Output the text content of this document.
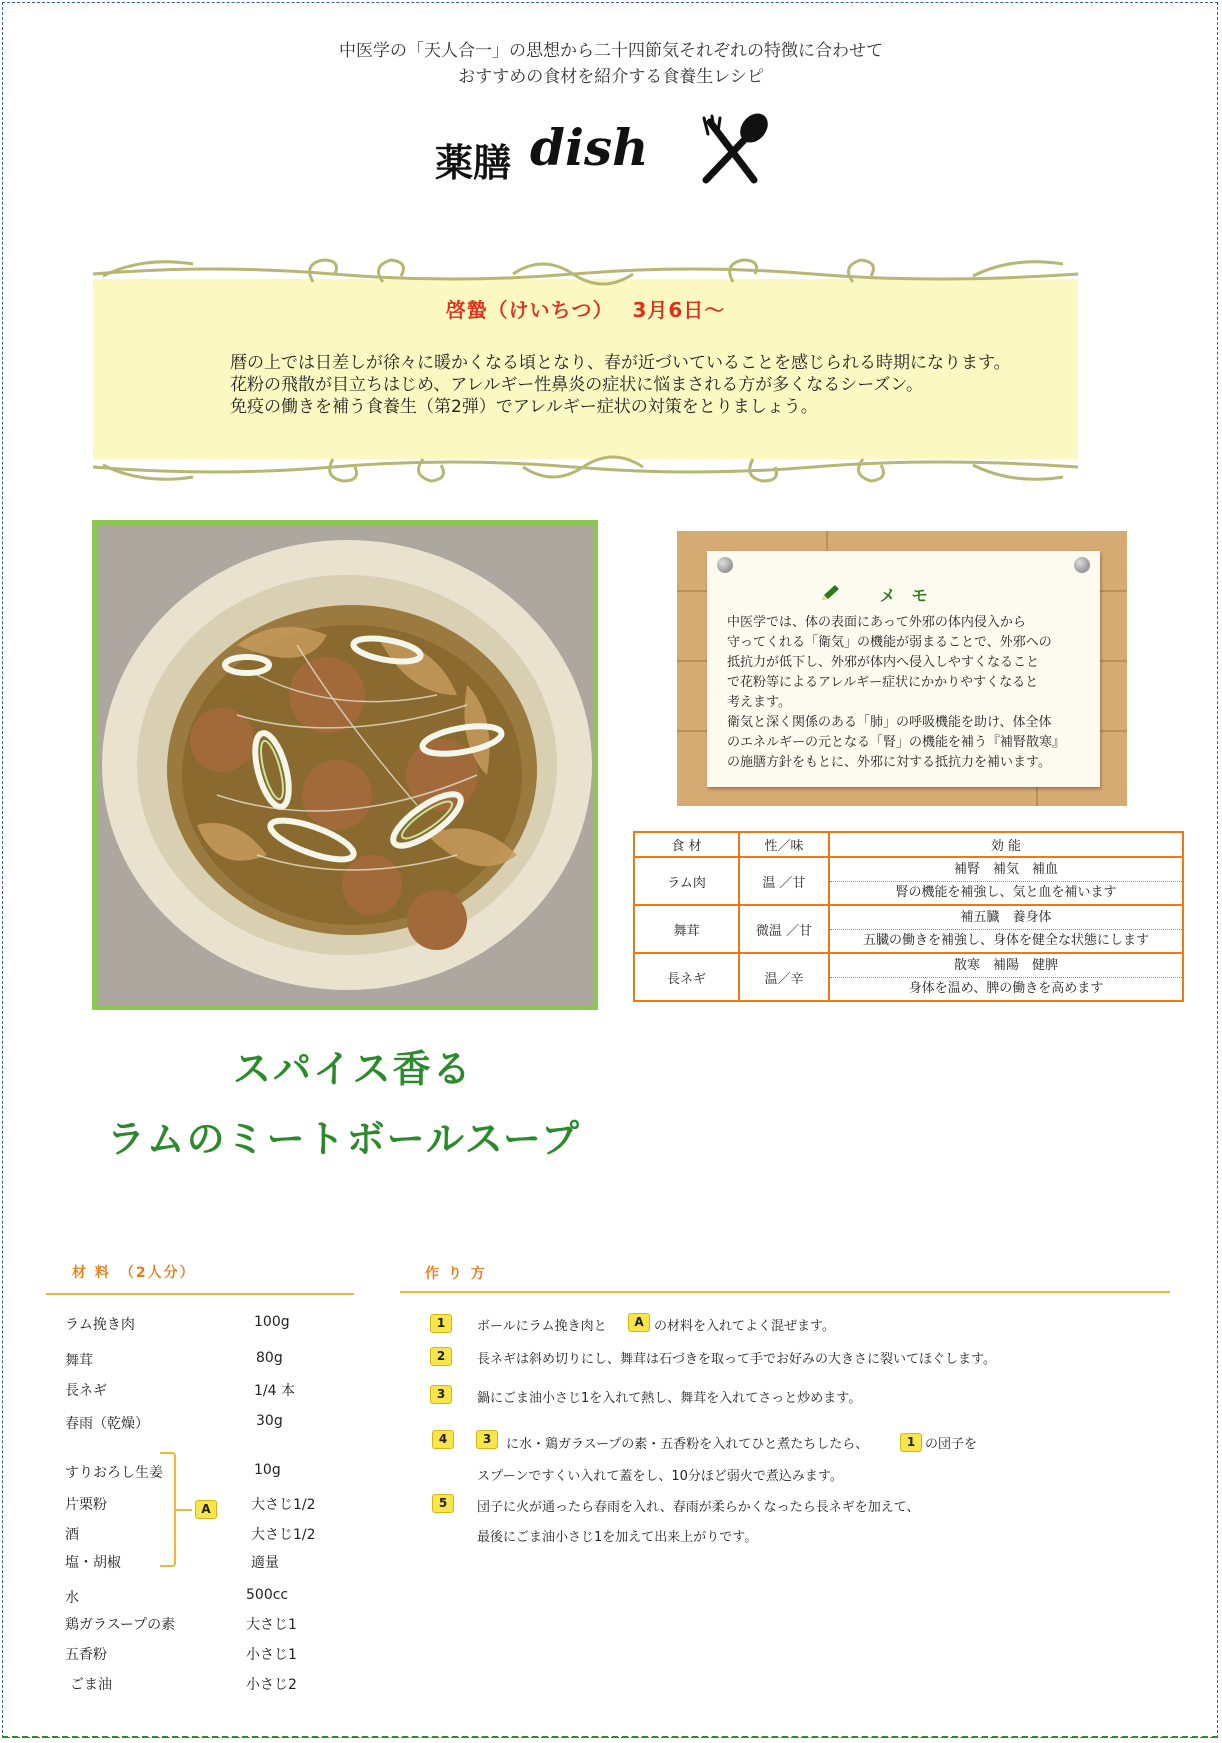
中医学の「天人合一」の思想から二十四節気それぞれの特徴に合わせて
おすすめの食材を紹介する食養生レシピ
薬膳 dish
啓蟄（けいちつ）　 3月6日～
暦の上では日差しが徐々に暖かくなる頃となり、春が近づいていることを感じられる時期になります。
花粉の飛散が目立ちはじめ、アレルギー性鼻炎の症状に悩まされる方が多くなるシーズン。
免疫の働きを補う食養生（第2弾）でアレルギー症状の対策をとりましょう。
メ　モ
中医学では、体の表面にあって外邪の体内侵入から
守ってくれる「衛気」の機能が弱まることで、外邪への
抵抗力が低下し、外邪が体内へ侵入しやすくなること
で花粉等によるアレルギー症状にかかりやすくなると
考えます。
衛気と深く関係のある「肺」の呼吸機能を助け、体全体
のエネルギーの元となる「腎」の機能を補う『補腎散寒』
の施膳方針をもとに、外邪に対する抵抗力を補います。
食 材	性／味	効 能
ラム肉	温 ／甘	補腎　補気　補血
腎の機能を補強し、気と血を補います

舞茸	微温 ／甘	補五臓　養身体
五臓の働きを補強し、身体を健全な状態にします

長ネギ	温／辛	散寒　補陽　健脾
身体を温め、脾の働きを高めます
スパイス香る
ラムのミートボールスープ
材 料　（2人分）
ラム挽き肉	100g
舞茸	80g
長ネギ	1/4 本
春雨（乾燥）	30g
すりおろし生姜	10g
片栗粉	大さじ1/2
酒	大さじ1/2
塩・胡椒	適量
A
水	500cc
鶏ガラスープの素	大さじ1
五香粉	小さじ1
ごま油	小さじ2
作 り 方
1	ボールにラム挽き肉と	A の材料を入れてよく混ぜます。
2	長ネギは斜め切りにし、舞茸は石づきを取って手でお好みの大きさに裂いてほぐします。
3	鍋にごま油小さじ1を入れて熱し、舞茸を入れてさっと炒めます。
4	3	に水・鶏ガラスープの素・五香粉を入れてひと煮たちしたら、	1 の団子を
スプーンですくい入れて蓋をし、10分ほど弱火で煮込みます。
5	団子に火が通ったら春雨を入れ、春雨が柔らかくなったら長ネギを加えて、
最後にごま油小さじ1を加えて出来上がりです。
